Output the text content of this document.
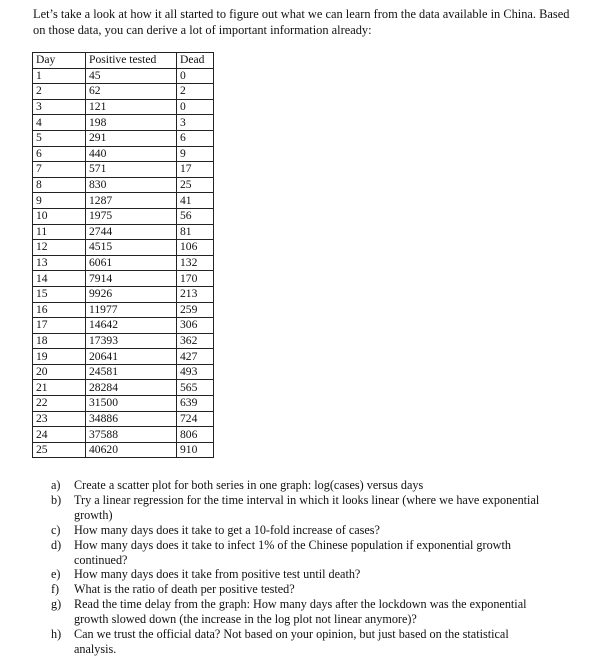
Let’s take a look at how it all started to figure out what we can learn from the data available in China. Based on those data, you can derive a lot of important information already:

Day	Positive tested	Dead
1	45	0
2	62	2
3	121	0
4	198	3
5	291	6
6	440	9
7	571	17
8	830	25
9	1287	41
10	1975	56
11	2744	81
12	4515	106
13	6061	132
14	7914	170
15	9926	213
16	11977	259
17	14642	306
18	17393	362
19	20641	427
20	24581	493
21	28284	565
22	31500	639
23	34886	724
24	37588	806
25	40620	910
a) Create a scatter plot for both series in one graph: log(cases) versus days
b) Try a linear regression for the time interval in which it looks linear (where we have exponential growth)
c) How many days does it take to get a 10-fold increase of cases?
d) How many days does it take to infect 1% of the Chinese population if exponential growth continued?
e) How many days does it take from positive test until death?
f) What is the ratio of death per positive tested?
g) Read the time delay from the graph: How many days after the lockdown was the exponential growth slowed down (the increase in the log plot not linear anymore)?
h) Can we trust the official data? Not based on your opinion, but just based on the statistical analysis.
